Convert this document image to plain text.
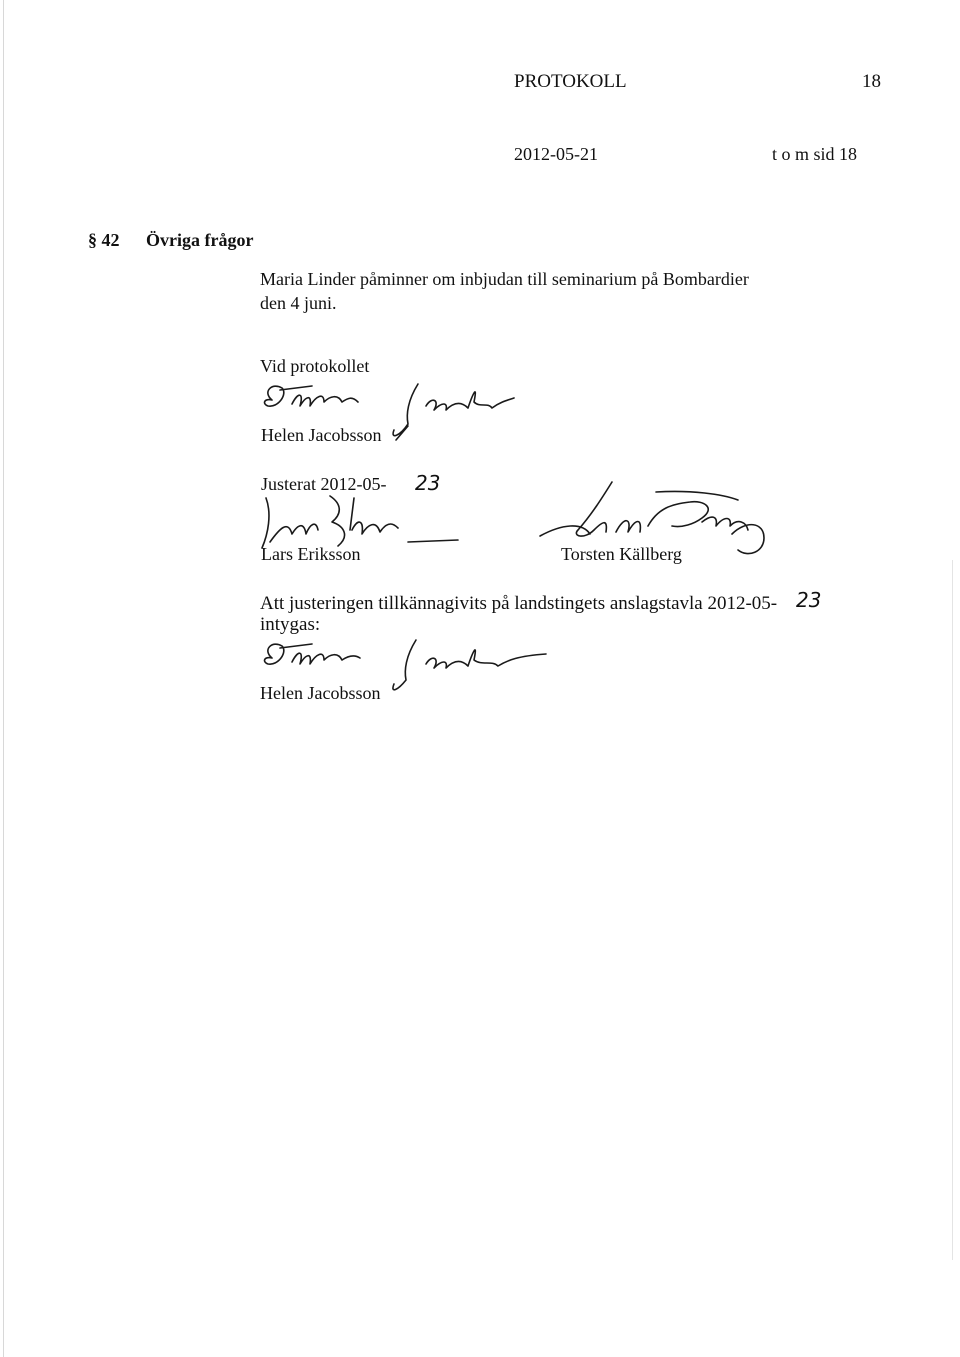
PROTOKOLL	18
2012-05-21	t o m sid 18
§ 42 Övriga frågor
Maria Linder påminner om inbjudan till seminarium på Bombardier
den 4 juni.
Vid protokollet
Helen Jacobsson
Justerat 2012-05- 23
Lars Eriksson	Torsten Källberg
Att justeringen tillkännagivits på landstingets anslagstavla 2012-05- 23
intygas:
Helen Jacobsson
